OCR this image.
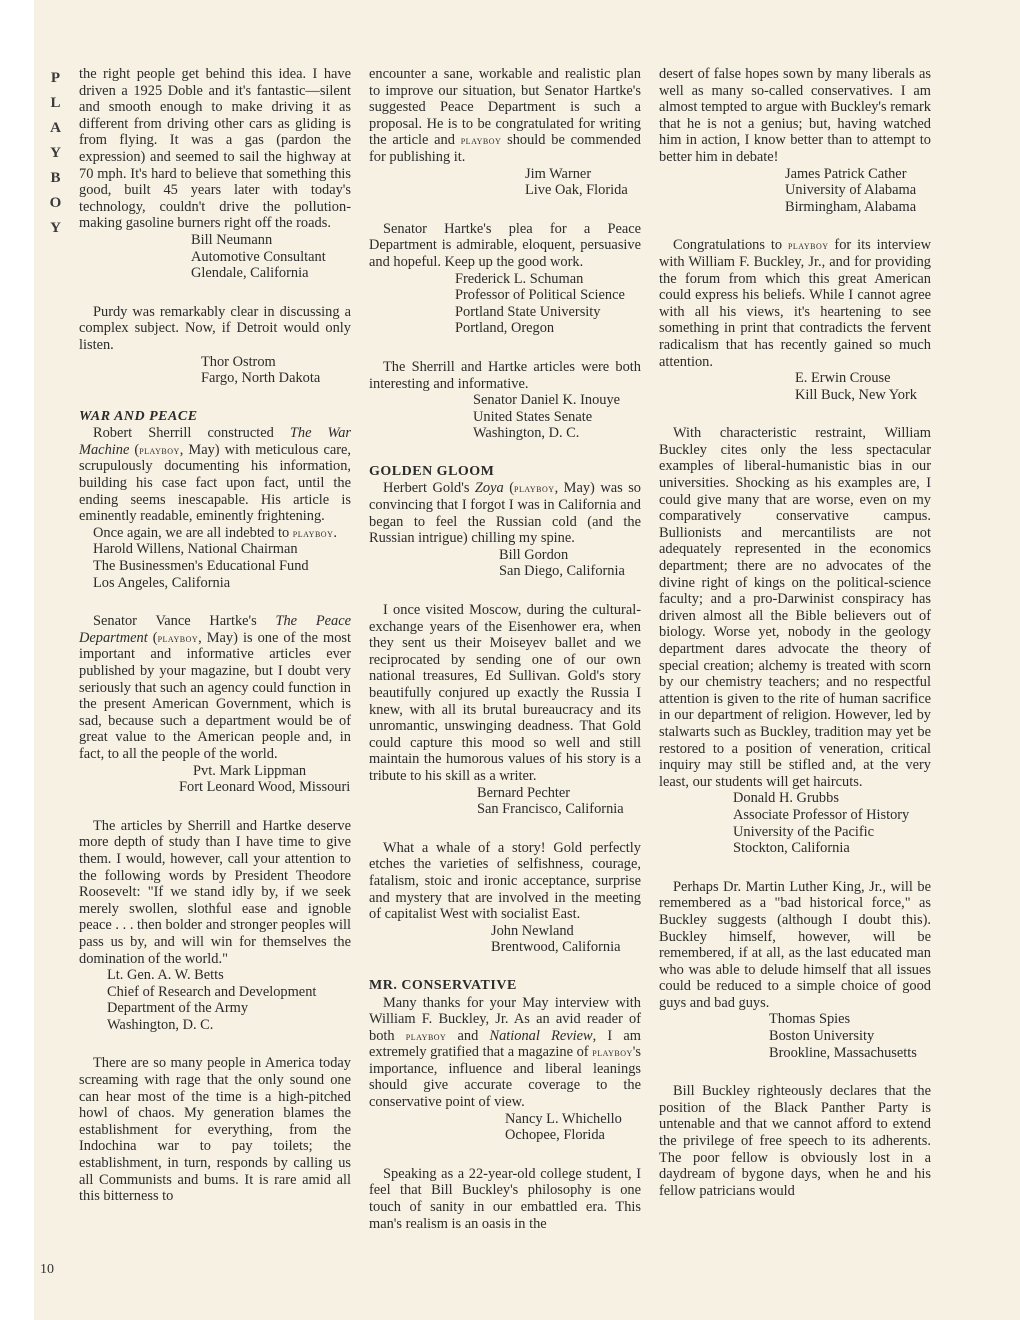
PLAYBOY
10

the right people get behind this idea. I have driven a 1925 Doble and it's fantastic—silent and smooth enough to make driving it as different from driving other cars as gliding is from flying. It was a gas (pardon the expression) and seemed to sail the highway at 70 mph. It's hard to believe that something this good, built 45 years later with today's technology, couldn't drive the pollution-making gasoline burners right off the roads.

Bill Neumann
Automotive Consultant
Glendale, California

Purdy was remarkably clear in discussing a complex subject. Now, if Detroit would only listen.

Thor Ostrom
Fargo, North Dakota

WAR AND PEACE

Robert Sherrill constructed The War Machine (playboy, May) with meticulous care, scrupulously documenting his information, building his case fact upon fact, until the ending seems inescapable. His article is eminently readable, eminently frightening.

Once again, we are all indebted to playboy.

Harold Willens, National Chairman
The Businessmen's Educational Fund
Los Angeles, California

Senator Vance Hartke's The Peace Department (playboy, May) is one of the most important and informative articles ever published by your magazine, but I doubt very seriously that such an agency could function in the present American Government, which is sad, because such a department would be of great value to the American people and, in fact, to all the people of the world.

Pvt. Mark Lippman
Fort Leonard Wood, Missouri

The articles by Sherrill and Hartke deserve more depth of study than I have time to give them. I would, however, call your attention to the following words by President Theodore Roosevelt: "If we stand idly by, if we seek merely swollen, slothful ease and ignoble peace . . . then bolder and stronger peoples will pass us by, and will win for themselves the domination of the world."

Lt. Gen. A. W. Betts
Chief of Research and Development
Department of the Army
Washington, D. C.

There are so many people in America today screaming with rage that the only sound one can hear most of the time is a high-pitched howl of chaos. My generation blames the establishment for everything, from the Indochina war to pay toilets; the establishment, in turn, responds by calling us all Communists and bums. It is rare amid all this bitterness to

encounter a sane, workable and realistic plan to improve our situation, but Senator Hartke's suggested Peace Department is such a proposal. He is to be congratulated for writing the article and playboy should be commended for publishing it.

Jim Warner
Live Oak, Florida

Senator Hartke's plea for a Peace Department is admirable, eloquent, persuasive and hopeful. Keep up the good work.

Frederick L. Schuman
Professor of Political Science
Portland State University
Portland, Oregon

The Sherrill and Hartke articles were both interesting and informative.

Senator Daniel K. Inouye
United States Senate
Washington, D. C.

GOLDEN GLOOM

Herbert Gold's Zoya (playboy, May) was so convincing that I forgot I was in California and began to feel the Russian cold (and the Russian intrigue) chilling my spine.

Bill Gordon
San Diego, California

I once visited Moscow, during the cultural-exchange years of the Eisenhower era, when they sent us their Moiseyev ballet and we reciprocated by sending one of our own national treasures, Ed Sullivan. Gold's story beautifully conjured up exactly the Russia I knew, with all its brutal bureaucracy and its unromantic, unswinging deadness. That Gold could capture this mood so well and still maintain the humorous values of his story is a tribute to his skill as a writer.

Bernard Pechter
San Francisco, California

What a whale of a story! Gold perfectly etches the varieties of selfishness, courage, fatalism, stoic and ironic acceptance, surprise and mystery that are involved in the meeting of capitalist West with socialist East.

John Newland
Brentwood, California

MR. CONSERVATIVE

Many thanks for your May interview with William F. Buckley, Jr. As an avid reader of both playboy and National Review, I am extremely gratified that a magazine of playboy's importance, influence and liberal leanings should give accurate coverage to the conservative point of view.

Nancy L. Whichello
Ochopee, Florida

Speaking as a 22-year-old college student, I feel that Bill Buckley's philosophy is one touch of sanity in our embattled era. This man's realism is an oasis in the

desert of false hopes sown by many liberals as well as many so-called conservatives. I am almost tempted to argue with Buckley's remark that he is not a genius; but, having watched him in action, I know better than to attempt to better him in debate!

James Patrick Cather
University of Alabama
Birmingham, Alabama

Congratulations to playboy for its interview with William F. Buckley, Jr., and for providing the forum from which this great American could express his beliefs. While I cannot agree with all his views, it's heartening to see something in print that contradicts the fervent radicalism that has recently gained so much attention.

E. Erwin Crouse
Kill Buck, New York

With characteristic restraint, William Buckley cites only the less spectacular examples of liberal-humanistic bias in our universities. Shocking as his examples are, I could give many that are worse, even on my comparatively conservative campus. Bullionists and mercantilists are not adequately represented in the economics department; there are no advocates of the divine right of kings on the political-science faculty; and a pro-Darwinist conspiracy has driven almost all the Bible believers out of biology. Worse yet, nobody in the geology department dares advocate the theory of special creation; alchemy is treated with scorn by our chemistry teachers; and no respectful attention is given to the rite of human sacrifice in our department of religion. However, led by stalwarts such as Buckley, tradition may yet be restored to a position of veneration, critical inquiry may still be stifled and, at the very least, our students will get haircuts.

Donald H. Grubbs
Associate Professor of History
University of the Pacific
Stockton, California

Perhaps Dr. Martin Luther King, Jr., will be remembered as a "bad historical force," as Buckley suggests (although I doubt this). Buckley himself, however, will be remembered, if at all, as the last educated man who was able to delude himself that all issues could be reduced to a simple choice of good guys and bad guys.

Thomas Spies
Boston University
Brookline, Massachusetts

Bill Buckley righteously declares that the position of the Black Panther Party is untenable and that we cannot afford to extend the privilege of free speech to its adherents. The poor fellow is obviously lost in a daydream of bygone days, when he and his fellow patricians would
